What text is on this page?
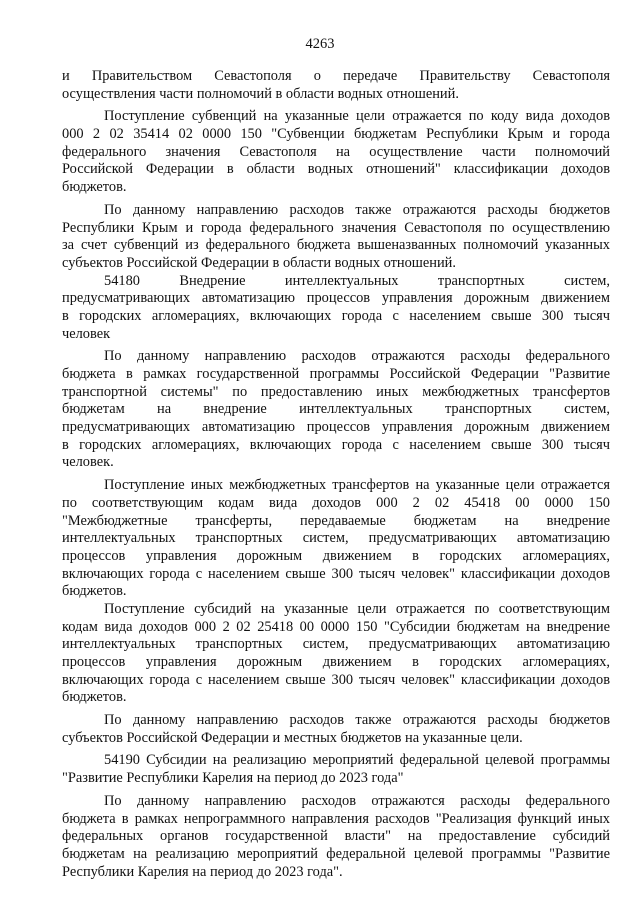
4263
и Правительством Севастополя о передаче Правительству Севастополя
осуществления части полномочий в области водных отношений.
Поступление субвенций на указанные цели отражается по коду вида доходов
000 2 02 35414 02 0000 150 "Субвенции бюджетам Республики Крым и города
федерального значения Севастополя на осуществление части полномочий
Российской Федерации в области водных отношений" классификации доходов
бюджетов.
По данному направлению расходов также отражаются расходы бюджетов
Республики Крым и города федерального значения Севастополя по осуществлению
за счет субвенций из федерального бюджета вышеназванных полномочий указанных
субъектов Российской Федерации в области водных отношений.
54180 Внедрение интеллектуальных транспортных систем,
предусматривающих автоматизацию процессов управления дорожным движением
в городских агломерациях, включающих города с населением свыше 300 тысяч
человек
По данному направлению расходов отражаются расходы федерального
бюджета в рамках государственной программы Российской Федерации "Развитие
транспортной системы" по предоставлению иных межбюджетных трансфертов
бюджетам на внедрение интеллектуальных транспортных систем,
предусматривающих автоматизацию процессов управления дорожным движением
в городских агломерациях, включающих города с населением свыше 300 тысяч
человек.
Поступление иных межбюджетных трансфертов на указанные цели отражается
по соответствующим кодам вида доходов 000 2 02 45418 00 0000 150
"Межбюджетные трансферты, передаваемые бюджетам на внедрение
интеллектуальных транспортных систем, предусматривающих автоматизацию
процессов управления дорожным движением в городских агломерациях,
включающих города с населением свыше 300 тысяч человек" классификации доходов
бюджетов.
Поступление субсидий на указанные цели отражается по соответствующим
кодам вида доходов 000 2 02 25418 00 0000 150 "Субсидии бюджетам на внедрение
интеллектуальных транспортных систем, предусматривающих автоматизацию
процессов управления дорожным движением в городских агломерациях,
включающих города с населением свыше 300 тысяч человек" классификации доходов
бюджетов.
По данному направлению расходов также отражаются расходы бюджетов
субъектов Российской Федерации и местных бюджетов на указанные цели.
54190 Субсидии на реализацию мероприятий федеральной целевой программы
"Развитие Республики Карелия на период до 2023 года"
По данному направлению расходов отражаются расходы федерального
бюджета в рамках непрограммного направления расходов "Реализация функций иных
федеральных органов государственной власти" на предоставление субсидий
бюджетам на реализацию мероприятий федеральной целевой программы "Развитие
Республики Карелия на период до 2023 года".
